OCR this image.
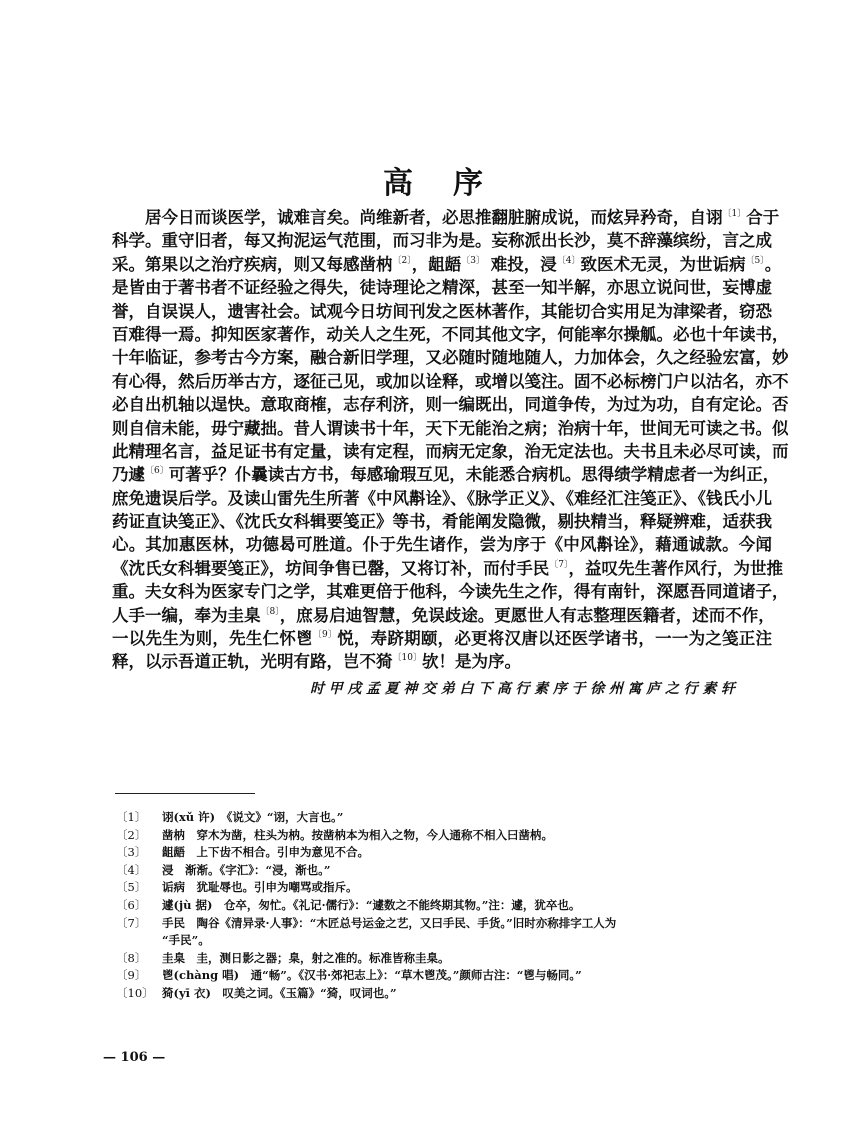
高序
居今日而谈医学，诚难言矣。尚维新者，必思推翻脏腑成说，而炫异矜奇，自诩$^{〔1〕}$合于
科学。重守旧者，每又拘泥运气范围，而习非为是。妄称派出长沙，莫不辞藻缤纷，言之成
采。第果以之治疗疾病，则又每感凿枘$^{〔2〕}$，龃龉$^{〔3〕}$ 难投，浸$^{〔4〕}$致医术无灵，为世诟病$^{〔5〕}$。
是皆由于著书者不证经验之得失，徒诗理论之精深，甚至一知半解，亦思立说问世，妄博虚
誉，自误误人，遗害社会。试观今日坊间刊发之医林著作，其能切合实用足为津梁者，窃恐
百难得一焉。抑知医家著作，动关人之生死，不同其他文字，何能率尔操觚。必也十年读书，
十年临证，参考古今方案，融合新旧学理，又必随时随地随人，力加体会，久之经验宏富，妙
有心得，然后历举古方，逐征己见，或加以诠释，或增以笺注。固不必标榜门户以沽名，亦不
必自出机轴以逞快。意取商榷，志存利济，则一编既出，同道争传，为过为功，自有定论。否
则自信未能，毋宁藏拙。昔人谓读书十年，天下无能治之病；治病十年，世间无可读之书。似
此精理名言，益足证书有定量，读有定程，而病无定象，治无定法也。夫书且未必尽可读，而
乃遽$^{〔6〕}$可著乎？仆曩读古方书，每感瑜瑕互见，未能悉合病机。思得绩学精虑者一为纠正，
庶免遗误后学。及读山雷先生所著《中风斠诠》、《脉学正义》、《难经汇注笺正》、《钱氏小儿
药证直诀笺正》、《沈氏女科辑要笺正》等书，肴能阐发隐微，剔抉精当，释疑辨难，适获我
心。其加惠医林，功德曷可胜道。仆于先生诸作，尝为序于《中风斠诠》，藉通诚款。今闻
《沈氏女科辑要笺正》，坊间争售已罄，又将订补，而付手民$^{〔7〕}$，益叹先生著作风行，为世推
重。夫女科为医家专门之学，其难更倍于他科，今读先生之作，得有南针，深愿吾同道诸子，
人手一编，奉为圭臬$^{〔8〕}$，庶易启迪智慧，免误歧途。更愿世人有志整理医籍者，述而不作，
一以先生为则，先生仁怀鬯$^{〔9〕}$悦，寿跻期颐，必更将汉唐以还医学诸书，一一为之笺正注
释，以示吾道正轨，光明有路，岂不猗$^{〔10〕}$欤！是为序。
时甲戌孟夏神交弟白下高行素序于徐州寓庐之行素轩
〔1〕 诩(xǔ 许)　《说文》“诩，大言也。”
〔2〕 凿枘　穿木为凿，柱头为枘。按凿枘本为相入之物，今人通称不相入曰凿枘。
〔3〕 龃龉　上下齿不相合。引申为意见不合。
〔4〕 浸　渐渐。《字汇》：“浸，渐也。”
〔5〕 诟病　犹耻辱也。引申为嘲骂或指斥。
〔6〕 遽(jù 据)　仓卒，匆忙。《礼记·儒行》：“遽数之不能终期其物。”注：遽，犹卒也。
〔7〕 手民　陶谷《清异录·人事》：“木匠总号运金之艺，又曰手民、手货。”旧时亦称排字工人为
“手民”。
〔8〕 圭臬　圭，测日影之器；臬，射之准的。标准皆称圭臬。
〔9〕 鬯(chàng 唱)　通“畅”。《汉书·郊祀志上》：“草木鬯茂。”颜师古注：“鬯与畅同。”
〔10〕 猗(yī 衣)　叹美之词。《玉篇》“猗，叹词也。”
— 106 —
